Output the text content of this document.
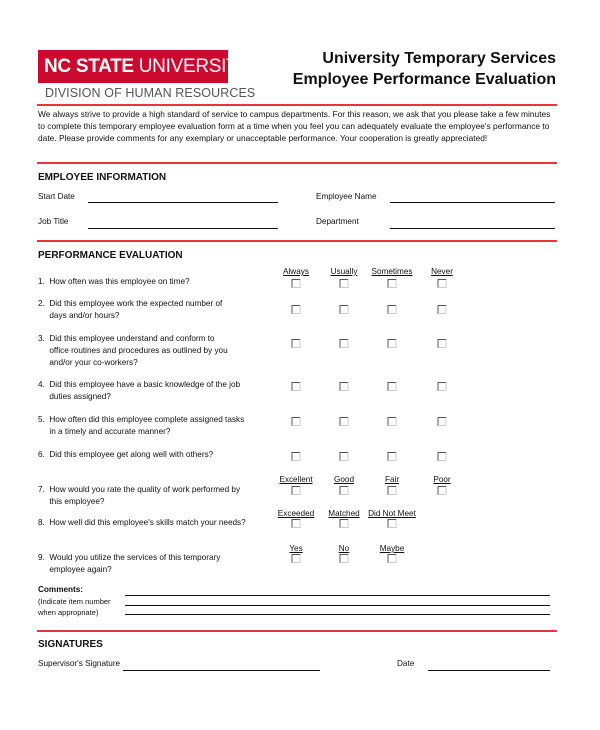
NC STATE UNIVERSITY
DIVISION OF HUMAN RESOURCES
University Temporary Services
Employee Performance Evaluation
We always strive to provide a high standard of service to campus departments. For this reason, we ask that you please take a few minutes to complete this temporary employee evaluation form at a time when you feel you can adequately evaluate the employee's performance to date. Please provide comments for any exemplary or unacceptable performance. Your cooperation is greatly appreciated!
EMPLOYEE INFORMATION
Start Date	Employee Name
Job Title	Department
PERFORMANCE EVALUATION
1.  How often was this employee on time?
Always	Usually Sometimes Never
2.  Did this employee work the expected number of
days and/or hours?
3.  Did this employee understand and conform to
office routines and procedures as outlined by you
and/or your co-workers?
4.  Did this employee have a basic knowledge of the job
duties assigned?
5.  How often did this employee complete assigned tasks
in a timely and accurate manner?
6.  Did this employee get along well with others?
7.  How would you rate the quality of work performed by
this employee?
Excellent	Good	Fair	Poor
8.  How well did this employee's skills match your needs?
Exceeded Matched Did Not Meet
9.  Would you utilize the services of this temporary
employee again?
Yes	No	Maybe
Comments:
(Indicate item number
when appropriate)
SIGNATURES
Supervisor's Signature	Date
